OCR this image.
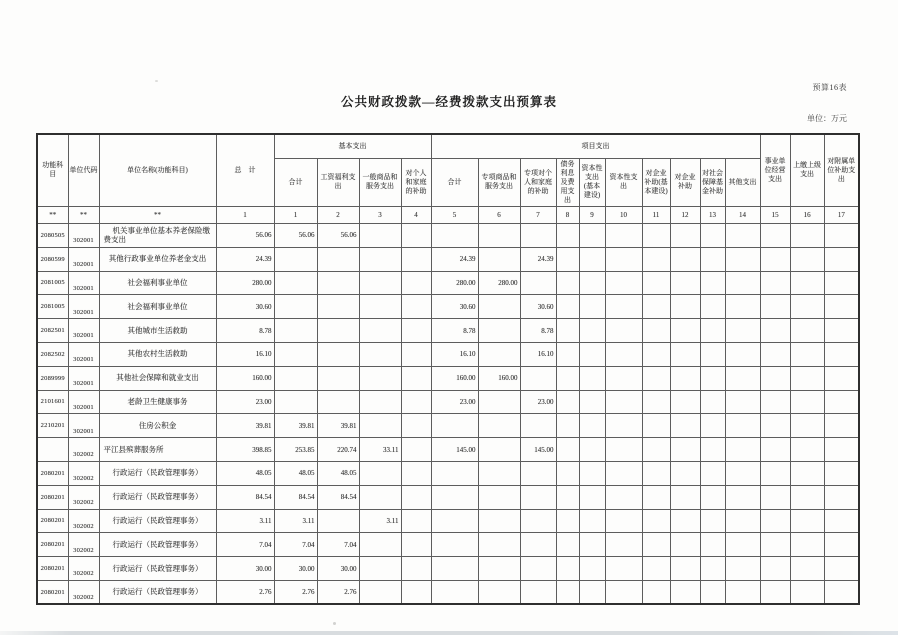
预算16表
公共财政拨款—经费拨款支出预算表
单位：万元
功能科目	单位代码	单位名称(功能科目)	总　计	基本支出				项目支出										事业单位经营支出	上缴上级支出	对附属单位补助支出
				合计	工资福利支出	一般商品和服务支出	对个人和家庭的补助	合计	专项商品和服务支出	专项对个人和家庭的补助	债务利息及费用支出	资本性支出(基本建设)	资本性支出	对企业补助(基本建设)	对企业补助	对社会保障基金补助	其他支出			
**	**	**	1	1	2	3	4	5	6	7	8	9	10	11	12	13	14	15	16	17
2080505	302001	机关事业单位基本养老保险缴费支出	56.06	56.06	56.06															
2080599	302001	其他行政事业单位养老金支出	24.39					24.39		24.39										
2081005	302001	社会福利事业单位	280.00					280.00	280.00											
2081005	302001	社会福利事业单位	30.60					30.60		30.60										
2082501	302001	其他城市生活救助	8.78					8.78		8.78										
2082502	302001	其他农村生活救助	16.10					16.10		16.10										
2089999	302001	其他社会保障和就业支出	160.00					160.00	160.00											
2101601	302001	老龄卫生健康事务	23.00					23.00		23.00										
2210201	302001	住房公积金	39.81	39.81	39.81															
	302002	平江县殡葬服务所	398.85	253.85	220.74	33.11		145.00		145.00										
2080201	302002	行政运行（民政管理事务）	48.05	48.05	48.05															
2080201	302002	行政运行（民政管理事务）	84.54	84.54	84.54															
2080201	302002	行政运行（民政管理事务）	3.11	3.11		3.11														
2080201	302002	行政运行（民政管理事务）	7.04	7.04	7.04															
2080201	302002	行政运行（民政管理事务）	30.00	30.00	30.00															
2080201	302002	行政运行（民政管理事务）	2.76	2.76	2.76															
